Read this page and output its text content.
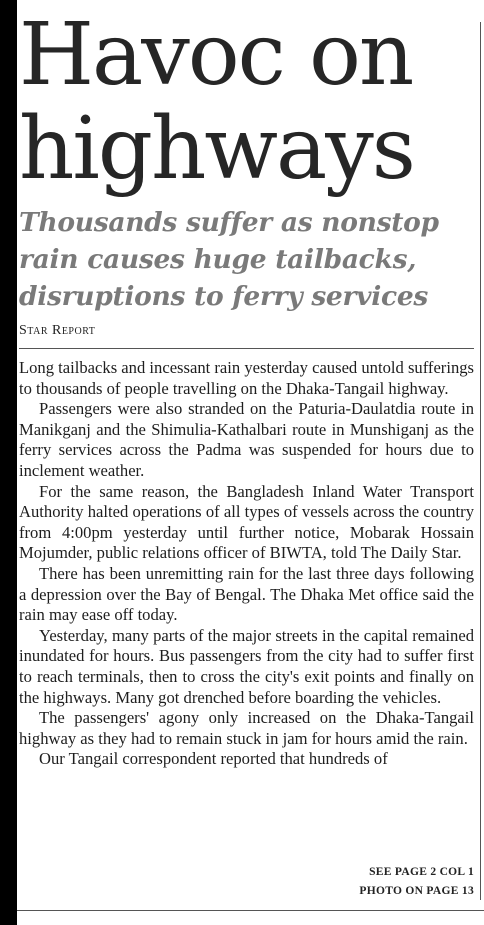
Havoc on
highways
Thousands suffer as nonstop
rain causes huge tailbacks,
disruptions to ferry services
Star Report

Long tailbacks and incessant rain yesterday caused untold sufferings to thousands of people travelling on the Dhaka-Tangail highway.

Passengers were also stranded on the Paturia-Daulatdia route in Manikganj and the Shimulia-Kathalbari route in Munshiganj as the ferry services across the Padma was suspended for hours due to inclement weather.

For the same reason, the Bangladesh Inland Water Transport Authority halted operations of all types of vessels across the country from 4:00pm yesterday until further notice, Mobarak Hossain Mojumder, public relations officer of BIWTA, told The Daily Star.

There has been unremitting rain for the last three days following a depression over the Bay of Bengal. The Dhaka Met office said the rain may ease off today.

Yesterday, many parts of the major streets in the capital remained inundated for hours. Bus passengers from the city had to suffer first to reach terminals, then to cross the city's exit points and finally on the highways. Many got drenched before boarding the vehicles.

The passengers' agony only increased on the Dhaka-Tangail highway as they had to remain stuck in jam for hours amid the rain.

Our Tangail correspondent reported that hundreds of

SEE PAGE 2 COL 1
PHOTO ON PAGE 13
